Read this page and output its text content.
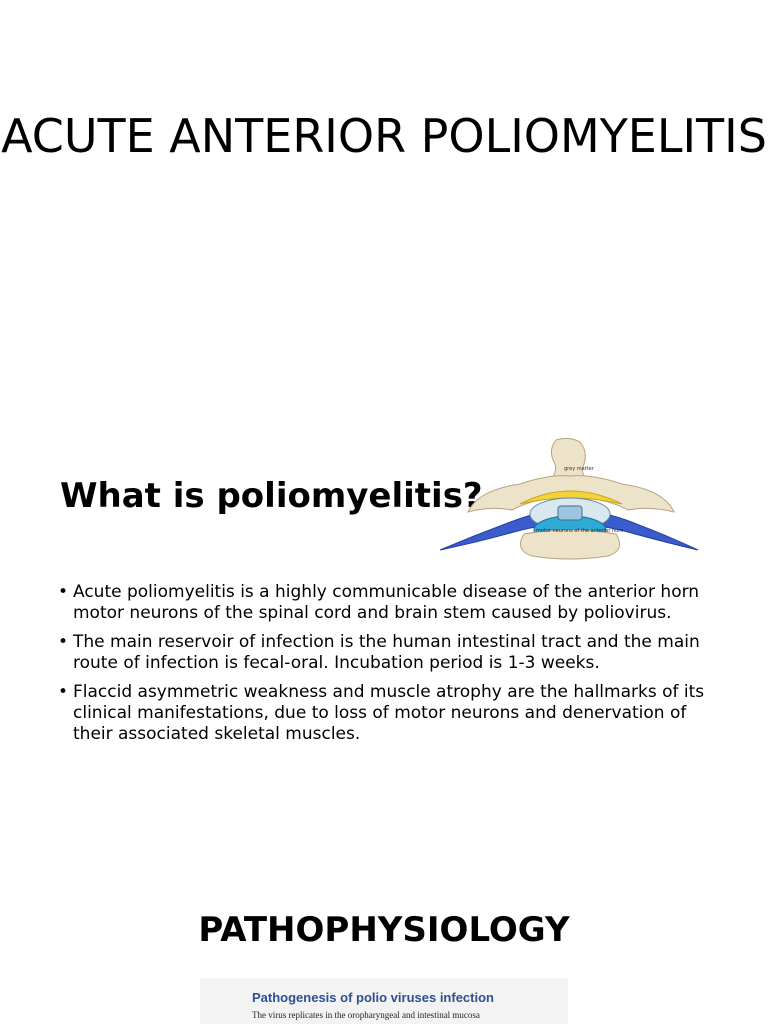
ACUTE ANTERIOR POLIOMYELITIS
What is poliomyelitis?
grey matter
motor neurons of the anterior horn
• Acute poliomyelitis is a highly communicable disease of the anterior horn motor neurons of the spinal cord and brain stem caused by poliovirus.
• The main reservoir of infection is the human intestinal tract and the main route of infection is fecal-oral. Incubation period is 1-3 weeks.
• Flaccid asymmetric weakness and muscle atrophy are the hallmarks of its clinical manifestations, due to loss of motor neurons and denervation of their associated skeletal muscles.
PATHOPHYSIOLOGY
Pathogenesis of polio viruses infection
The virus replicates in the oropharyngeal and intestinal mucosa
